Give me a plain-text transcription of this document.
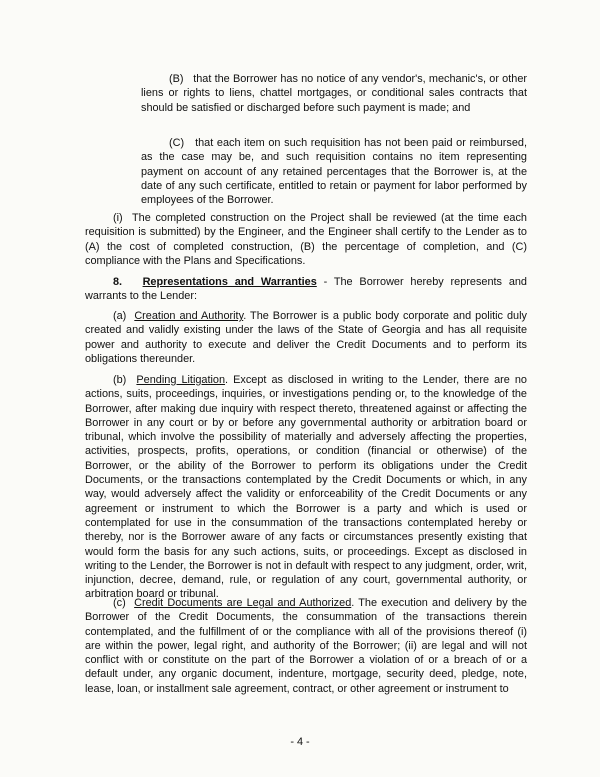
(B) that the Borrower has no notice of any vendor's, mechanic's, or other liens or rights to liens, chattel mortgages, or conditional sales contracts that should be satisfied or discharged before such payment is made; and

(C) that each item on such requisition has not been paid or reimbursed, as the case may be, and such requisition contains no item representing payment on account of any retained percentages that the Borrower is, at the date of any such certificate, entitled to retain or payment for labor performed by employees of the Borrower.

(i) The completed construction on the Project shall be reviewed (at the time each requisition is submitted) by the Engineer, and the Engineer shall certify to the Lender as to (A) the cost of completed construction, (B) the percentage of completion, and (C) compliance with the Plans and Specifications.

8. Representations and Warranties - The Borrower hereby represents and warrants to the Lender:

(a) Creation and Authority. The Borrower is a public body corporate and politic duly created and validly existing under the laws of the State of Georgia and has all requisite power and authority to execute and deliver the Credit Documents and to perform its obligations thereunder.

(b) Pending Litigation. Except as disclosed in writing to the Lender, there are no actions, suits, proceedings, inquiries, or investigations pending or, to the knowledge of the Borrower, after making due inquiry with respect thereto, threatened against or affecting the Borrower in any court or by or before any governmental authority or arbitration board or tribunal, which involve the possibility of materially and adversely affecting the properties, activities, prospects, profits, operations, or condition (financial or otherwise) of the Borrower, or the ability of the Borrower to perform its obligations under the Credit Documents, or the transactions contemplated by the Credit Documents or which, in any way, would adversely affect the validity or enforceability of the Credit Documents or any agreement or instrument to which the Borrower is a party and which is used or contemplated for use in the consummation of the transactions contemplated hereby or thereby, nor is the Borrower aware of any facts or circumstances presently existing that would form the basis for any such actions, suits, or proceedings. Except as disclosed in writing to the Lender, the Borrower is not in default with respect to any judgment, order, writ, injunction, decree, demand, rule, or regulation of any court, governmental authority, or arbitration board or tribunal.

(c) Credit Documents are Legal and Authorized. The execution and delivery by the Borrower of the Credit Documents, the consummation of the transactions therein contemplated, and the fulfillment of or the compliance with all of the provisions thereof (i) are within the power, legal right, and authority of the Borrower; (ii) are legal and will not conflict with or constitute on the part of the Borrower a violation of or a breach of or a default under, any organic document, indenture, mortgage, security deed, pledge, note, lease, loan, or installment sale agreement, contract, or other agreement or instrument to

- 4 -
